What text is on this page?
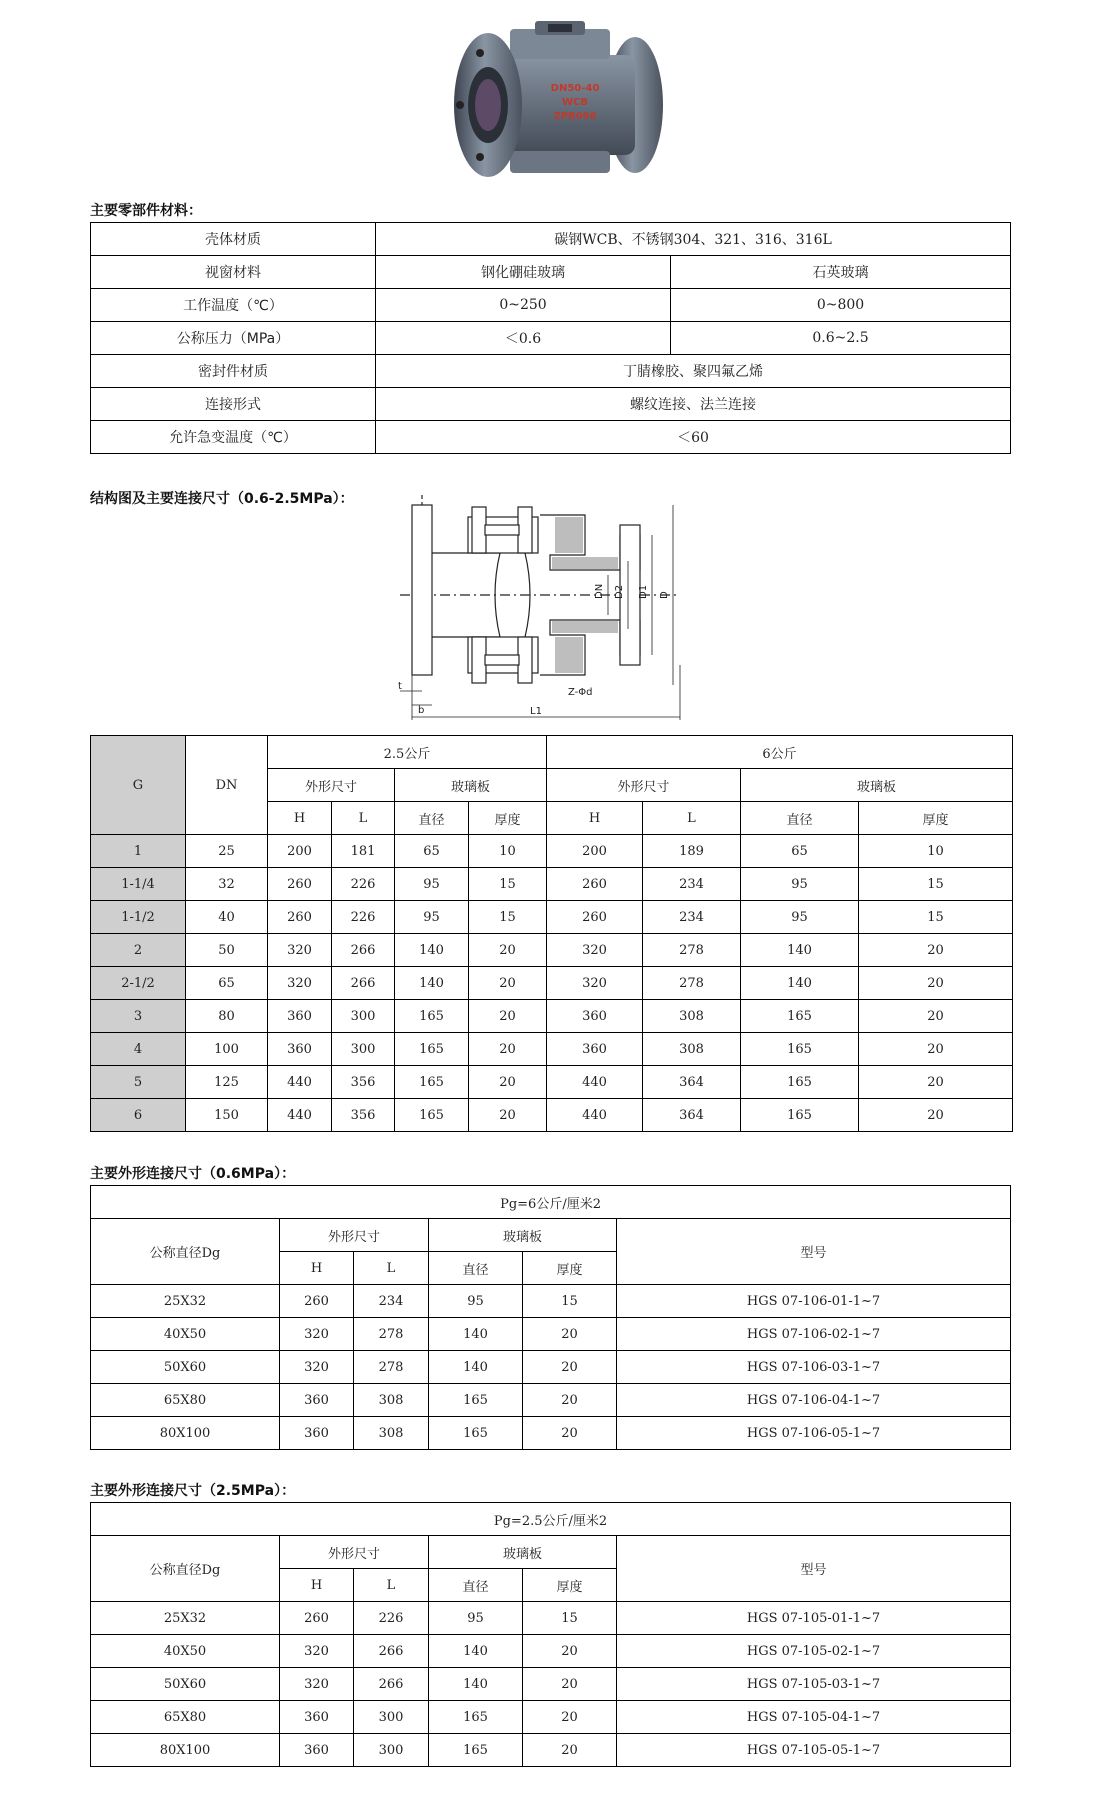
DN50-40
WCB
ZPB096
主要零部件材料：
壳体材质	碳钢WCB、不锈钢304、321、316、316L	
视窗材料	钢化硼硅玻璃	石英玻璃
工作温度（℃）	0~250	0~800
公称压力（MPa）	＜0.6	0.6~2.5
密封件材质	丁腈橡胶、聚四氟乙烯	
连接形式	螺纹连接、法兰连接	
允许急变温度（℃）	＜60	
结构图及主要连接尺寸（0.6-2.5MPa）：
DN D2 D1 D
t
b	L1
Z-Φd
G	DN	2.5公斤				6公斤			
		外形尺寸		玻璃板		外形尺寸		玻璃板	
		H	L	直径	厚度	H	L	直径	厚度
1	25	200	181	65	10	200	189	65	10
1-1/4	32	260	226	95	15	260	234	95	15
1-1/2	40	260	226	95	15	260	234	95	15
2	50	320	266	140	20	320	278	140	20
2-1/2	65	320	266	140	20	320	278	140	20
3	80	360	300	165	20	360	308	165	20
4	100	360	300	165	20	360	308	165	20
5	125	440	356	165	20	440	364	165	20
6	150	440	356	165	20	440	364	165	20
主要外形连接尺寸（0.6MPa）：
Pg=6公斤/厘米2					
公称直径Dg	外形尺寸		玻璃板		型号
	H	L	直径	厚度	
25X32	260	234	95	15	HGS 07-106-01-1~7
40X50	320	278	140	20	HGS 07-106-02-1~7
50X60	320	278	140	20	HGS 07-106-03-1~7
65X80	360	308	165	20	HGS 07-106-04-1~7
80X100	360	308	165	20	HGS 07-106-05-1~7
主要外形连接尺寸（2.5MPa）：
Pg=2.5公斤/厘米2					
公称直径Dg	外形尺寸		玻璃板		型号
	H	L	直径	厚度	
25X32	260	226	95	15	HGS 07-105-01-1~7
40X50	320	266	140	20	HGS 07-105-02-1~7
50X60	320	266	140	20	HGS 07-105-03-1~7
65X80	360	300	165	20	HGS 07-105-04-1~7
80X100	360	300	165	20	HGS 07-105-05-1~7
